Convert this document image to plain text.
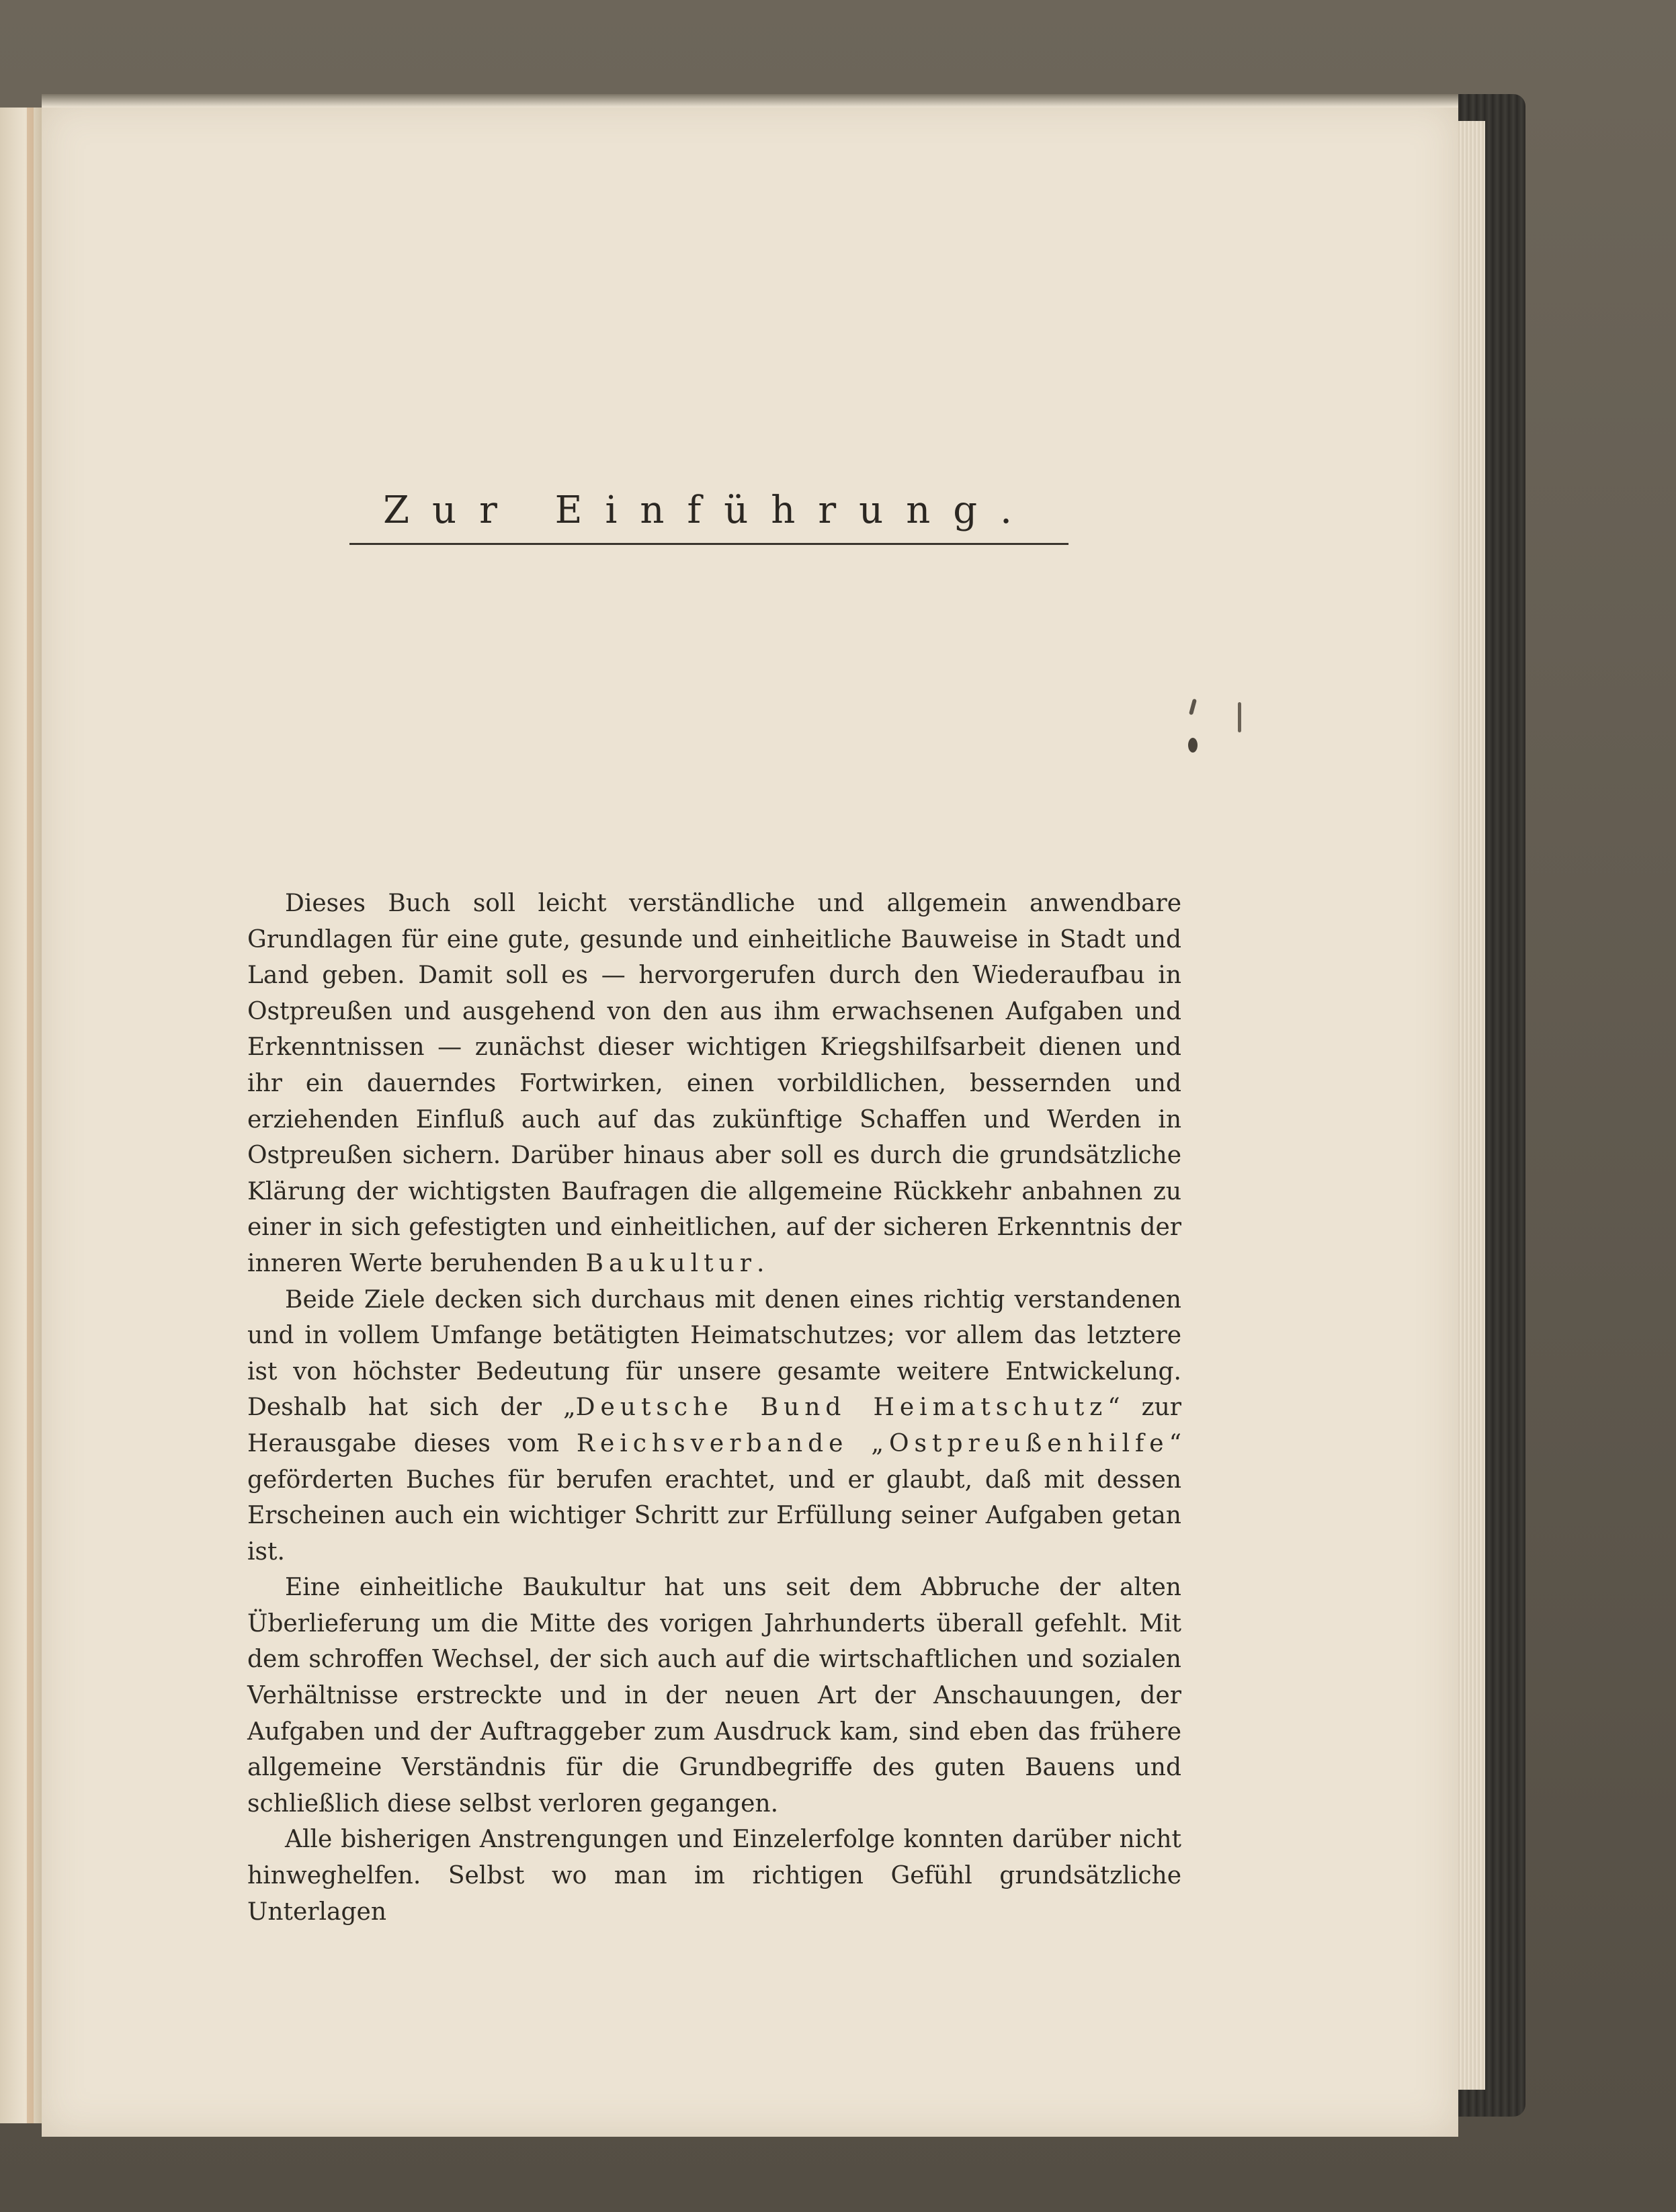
Zur Einführung.

Dieses Buch soll leicht verständliche und allgemein anwendbare Grundlagen für eine gute, gesunde und einheitliche Bauweise in Stadt und Land geben. Damit soll es — hervorgerufen durch den Wiederaufbau in Ostpreußen und ausgehend von den aus ihm erwachsenen Aufgaben und Erkenntnissen — zunächst dieser wichtigen Kriegshilfsarbeit dienen und ihr ein dauerndes Fortwirken, einen vorbildlichen, bessernden und erziehenden Einfluß auch auf das zukünftige Schaffen und Werden in Ostpreußen sichern. Darüber hinaus aber soll es durch die grundsätzliche Klärung der wichtigsten Baufragen die allgemeine Rückkehr anbahnen zu einer in sich gefestigten und einheitlichen, auf der sicheren Erkenntnis der inneren Werte beruhenden Baukultur.

Beide Ziele decken sich durchaus mit denen eines richtig verstandenen und in vollem Umfange betätigten Heimatschutzes; vor allem das letztere ist von höchster Bedeutung für unsere gesamte weitere Entwickelung. Deshalb hat sich der „Deutsche Bund Heimatschutz“ zur Herausgabe dieses vom Reichsverbande „Ostpreußenhilfe“ geförderten Buches für berufen erachtet, und er glaubt, daß mit dessen Erscheinen auch ein wichtiger Schritt zur Erfüllung seiner Aufgaben getan ist.

Eine einheitliche Baukultur hat uns seit dem Abbruche der alten Überlieferung um die Mitte des vorigen Jahrhunderts überall gefehlt. Mit dem schroffen Wechsel, der sich auch auf die wirtschaftlichen und sozialen Verhältnisse erstreckte und in der neuen Art der Anschauungen, der Aufgaben und der Auftraggeber zum Ausdruck kam, sind eben das frühere allgemeine Verständnis für die Grundbegriffe des guten Bauens und schließlich diese selbst verloren gegangen.

Alle bisherigen Anstrengungen und Einzelerfolge konnten darüber nicht hinweghelfen. Selbst wo man im richtigen Gefühl grundsätzliche Unterlagen
